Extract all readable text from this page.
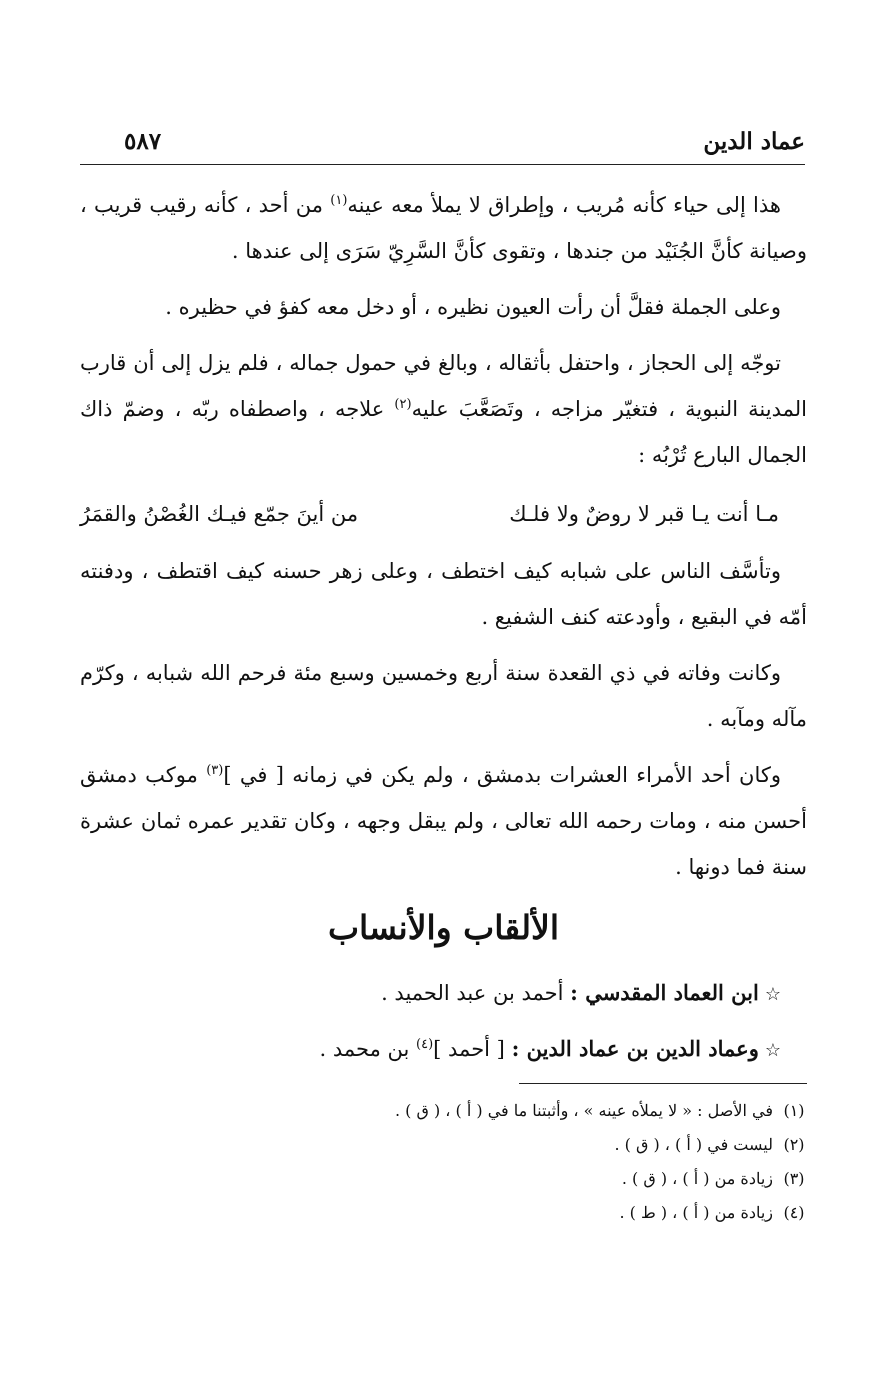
عماد الدين
٥٨٧

هذا إلى حياء كأنه مُريب ، وإطراق لا يملأ معه عينه$^{(١)}$ من أحد ، كأنه رقيب قريب ، وصيانة كأنَّ الجُنَيْد من جندها ، وتقوى كأنَّ السَّرِيّ سَرَى إلى عندها .

وعلى الجملة فقلَّ أن رأت العيون نظيره ، أو دخل معه كفؤ في حظيره .

توجّه إلى الحجاز ، واحتفل بأثقاله ، وبالغ في حمول جماله ، فلم يزل إلى أن قارب المدينة النبوية ، فتغيّر مزاجه ، وتَصَعَّبَ عليه$^{(٢)}$ علاجه ، واصطفاه ربّه ، وضمّ ذاك الجمال البارع تُرْبُه :

مـا أنت يـا قبر لا روضٌ ولا فلـك
من أينَ جمّع فيـك الغُصْنُ والقمَرُ

وتأسَّف الناس على شبابه كيف اختطف ، وعلى زهر حسنه كيف اقتطف ، ودفنته أمّه في البقيع ، وأودعته كنف الشفيع .

وكانت وفاته في ذي القعدة سنة أربع وخمسين وسبع مئة فرحم الله شبابه ، وكرّم مآله ومآبه .

وكان أحد الأمراء العشرات بدمشق ، ولم يكن في زمانه [ في ]$^{(٣)}$ موكب دمشق أحسن منه ، ومات رحمه الله تعالى ، ولم يبقل وجهه ، وكان تقدير عمره ثمان عشرة سنة فما دونها .

الألقاب والأنساب

☆ابن العماد المقدسي : أحمد بن عبد الحميد .

☆وعماد الدين بن عماد الدين : [ أحمد ]$^{(٤)}$ بن محمد .

(١)
في الأصل : « لا يملأه عينه » ، وأثبتنا ما في ( أ ) ، ( ق ) .
(٢)
ليست في ( أ ) ، ( ق ) .
(٣)
زيادة من ( أ ) ، ( ق ) .
(٤)
زيادة من ( أ ) ، ( ط ) .
